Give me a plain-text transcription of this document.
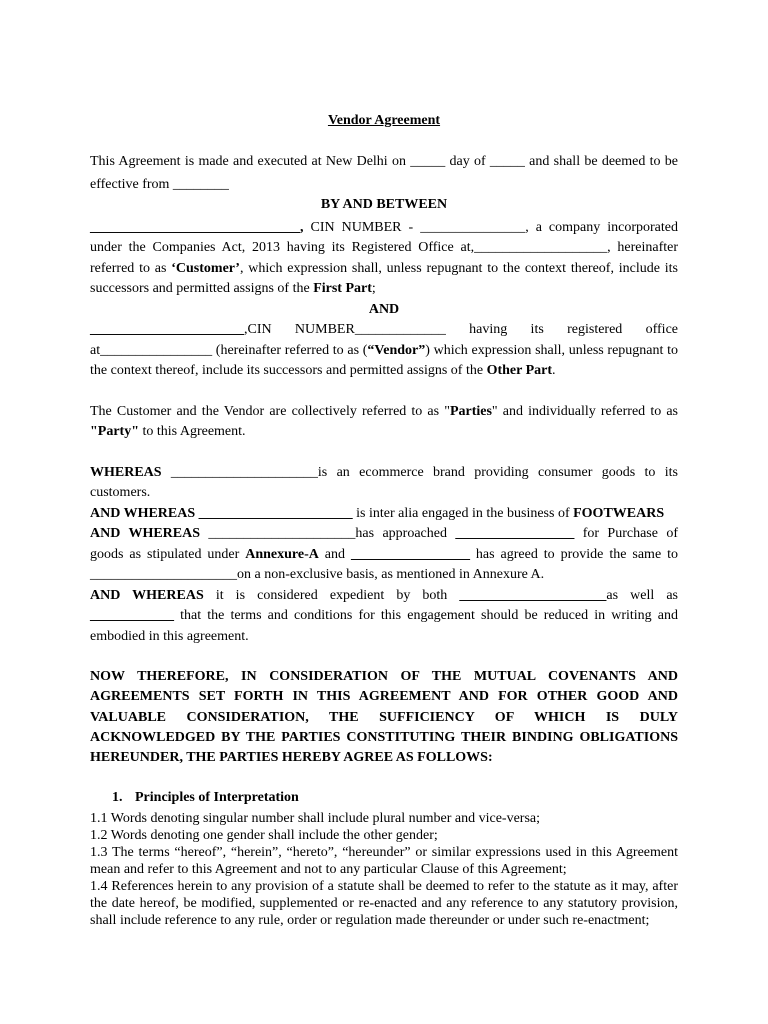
Vendor Agreement

This Agreement is made and executed at New Delhi on _____ day of _____ and shall be deemed to be

effective from ________

BY AND BETWEEN

______________________________, CIN NUMBER - _______________, a company incorporated

under the Companies Act, 2013 having its Registered Office at,___________________, hereinafter

referred to as ‘Customer’, which expression shall, unless repugnant to the context thereof, include its

successors and permitted assigns of the First Part;

AND

______________________,CIN NUMBER_____________ having its registered office

at________________ (hereinafter referred to as (“Vendor”) which expression shall, unless repugnant to

the context thereof, include its successors and permitted assigns of the Other Part.

The Customer and the Vendor are collectively referred to as "Parties" and individually referred to as "Party" to this Agreement.

WHEREAS _____________________is an ecommerce brand providing consumer goods to its customers.

AND WHEREAS ______________________ is inter alia engaged in the business of FOOTWEARS

AND WHEREAS _____________________has approached _________________ for Purchase of goods as stipulated under Annexure-A and _________________ has agreed to provide the same to _____________________on a non-exclusive basis, as mentioned in Annexure A.

AND WHEREAS it is considered expedient by both _____________________as well as ____________ that the terms and conditions for this engagement should be reduced in writing and embodied in this agreement.

NOW THEREFORE, IN CONSIDERATION OF THE MUTUAL COVENANTS AND AGREEMENTS SET FORTH IN THIS AGREEMENT AND FOR OTHER GOOD AND VALUABLE CONSIDERATION, THE SUFFICIENCY OF WHICH IS DULY ACKNOWLEDGED BY THE PARTIES CONSTITUTING THEIR BINDING OBLIGATIONS HEREUNDER, THE PARTIES HEREBY AGREE AS FOLLOWS:

1. Principles of Interpretation

1.1 Words denoting singular number shall include plural number and vice-versa;

1.2 Words denoting one gender shall include the other gender;

1.3 The terms “hereof”, “herein”, “hereto”, “hereunder” or similar expressions used in this Agreement mean and refer to this Agreement and not to any particular Clause of this Agreement;

1.4 References herein to any provision of a statute shall be deemed to refer to the statute as it may, after the date hereof, be modified, supplemented or re-enacted and any reference to any statutory provision, shall include reference to any rule, order or regulation made thereunder or under such re-enactment;
